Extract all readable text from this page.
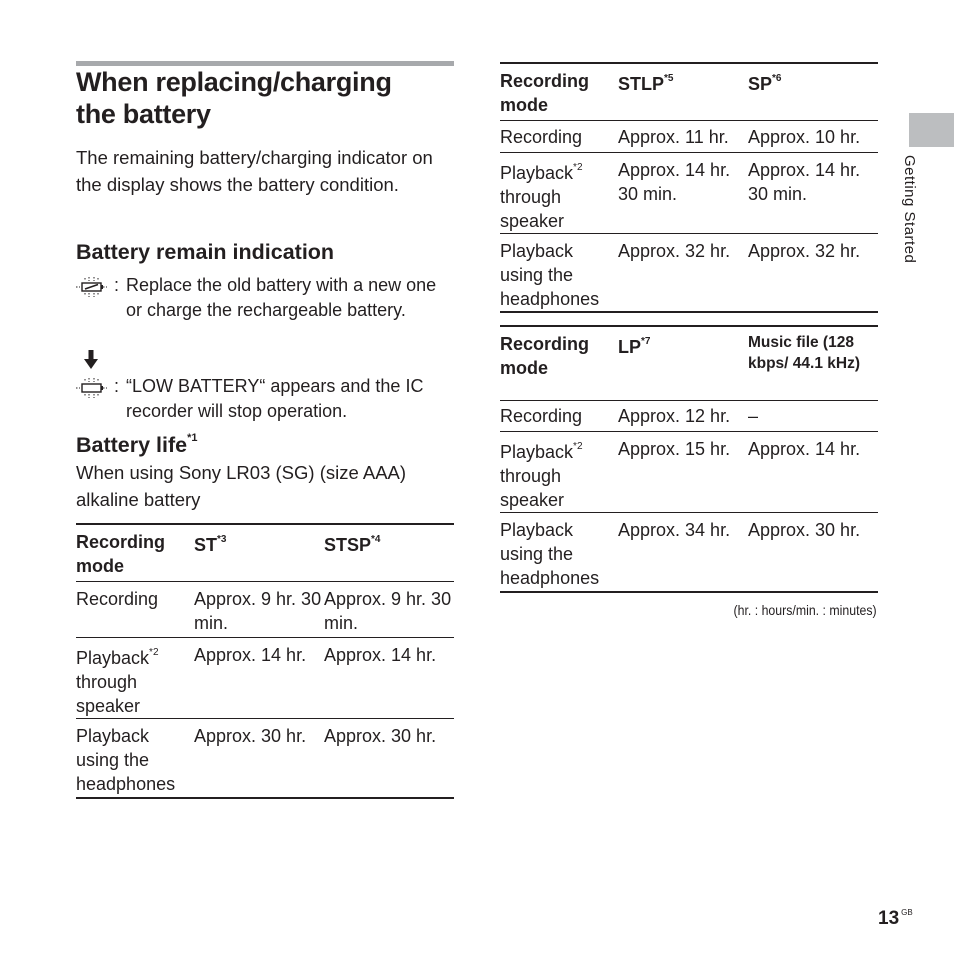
When replacing/charging
the battery

The remaining battery/charging indicator on the display shows the battery condition.

Battery remain indication
: Replace the old battery with a new one or charge the rechargeable battery.
: “LOW BATTERY“ appears and the IC recorder will stop operation.
Battery life$^{*1}$

When using Sony LR03 (SG) (size AAA) alkaline battery

Recording mode	ST$^{*3}$	STSP$^{*4}$
Recording	Approx. 9 hr. 30 min.	Approx. 9 hr. 30 min.
Playback$^{*2}$ through speaker	Approx. 14 hr.	Approx. 14 hr.
Playback using the headphones	Approx. 30 hr.	Approx. 30 hr.
Recording mode	STLP$^{*5}$	SP$^{*6}$
Recording	Approx. 11 hr.	Approx. 10 hr.
Playback$^{*2}$ through speaker	Approx. 14 hr. 30 min.	Approx. 14 hr. 30 min.
Playback using the headphones	Approx. 32 hr.	Approx. 32 hr.
Recording mode	LP$^{*7}$	Music file (128 kbps/ 44.1 kHz)
Recording	Approx. 12 hr.	–
Playback$^{*2}$ through speaker	Approx. 15 hr.	Approx. 14 hr.
Playback using the headphones	Approx. 34 hr.	Approx. 30 hr.
(hr. : hours/min. : minutes)
Getting Started
13 $^{GB}$
